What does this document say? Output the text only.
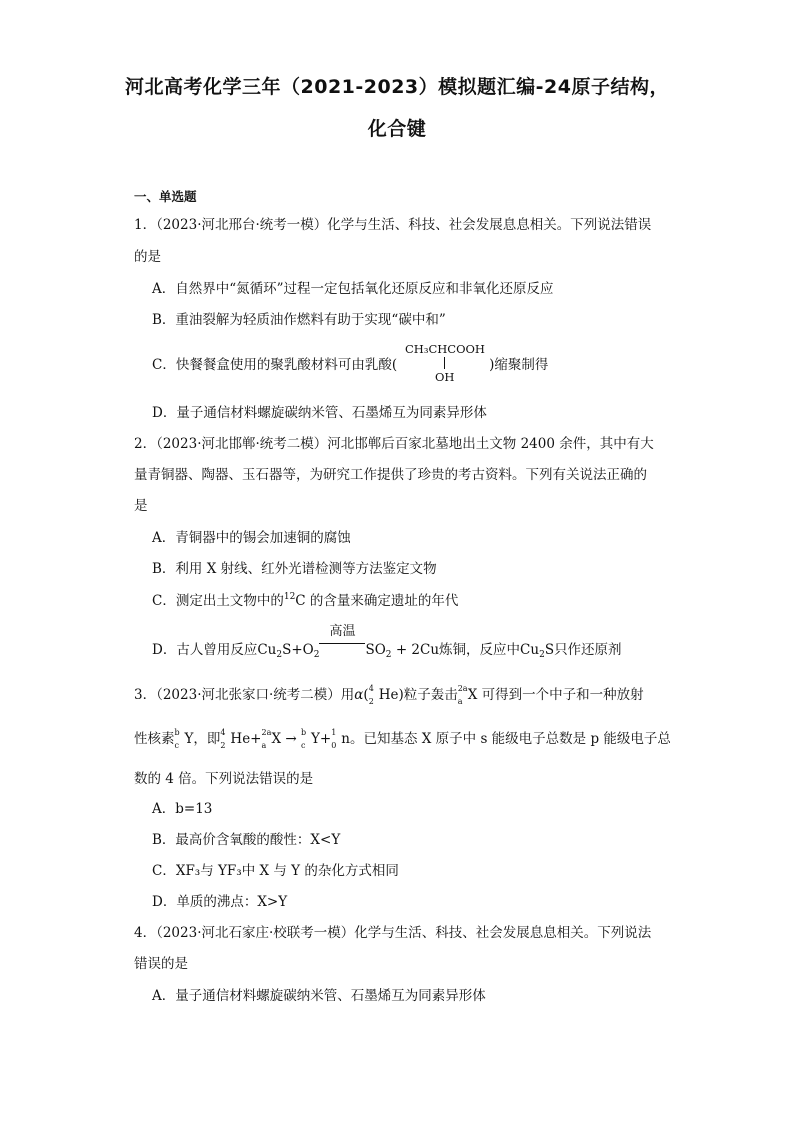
河北高考化学三年（2021-2023）模拟题汇编-24原子结构，
化合键
一、单选题
1．（2023·河北邢台·统考一模）化学与生活、科技、社会发展息息相关。下列说法错误
的是
A．自然界中“氮循环”过程一定包括氧化还原反应和非氧化还原反应
B．重油裂解为轻质油作燃料有助于实现“碳中和”
C．快餐餐盒使用的聚乳酸材料可由乳酸(	)缩聚制得
CH₃CHCOOH
OH
D．量子通信材料螺旋碳纳米管、石墨烯互为同素异形体
2．（2023·河北邯郸·统考二模）河北邯郸后百家北墓地出土文物 2400 余件，其中有大
量青铜器、陶器、玉石器等，为研究工作提供了珍贵的考古资料。下列有关说法正确的
是
A．青铜器中的锡会加速铜的腐蚀
B．利用 X 射线、红外光谱检测等方法鉴定文物
C．测定出土文物中的$^{12}$C 的含量来确定遗址的年代
D．古人曾用反应$Cu_2S+O_2$
高温
$SO_2 + 2Cu$炼铜，反应中$Cu_2S$只作还原剂
3．（2023·河北张家口·统考二模）用α( 4
2 He)粒子轰击 2a
a X 可得到一个中子和一种放射
性核素 b
c Y，即 4
2 He+ 2a
a X → b
c Y+ 1
0 n。已知基态 X 原子中 s 能级电子总数是 p 能级电子总
数的 4 倍。下列说法错误的是
A．b=13
B．最高价含氧酸的酸性：X<Y
C．XF₃与 YF₃中 X 与 Y 的杂化方式相同
D．单质的沸点：X>Y
4．（2023·河北石家庄·校联考一模）化学与生活、科技、社会发展息息相关。下列说法
错误的是
A．量子通信材料螺旋碳纳米管、石墨烯互为同素异形体
